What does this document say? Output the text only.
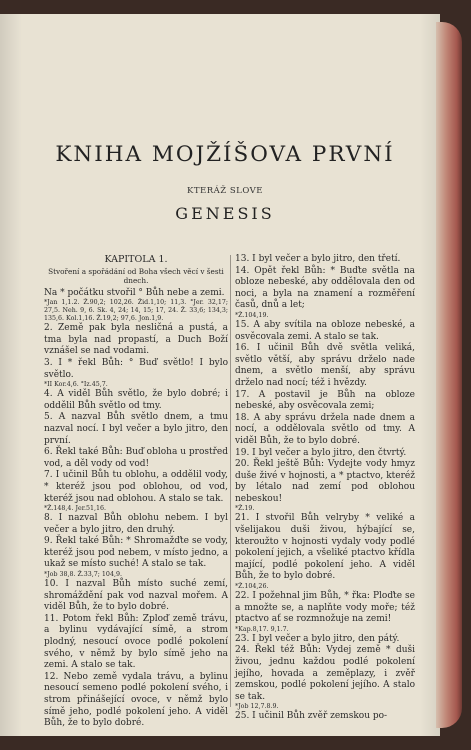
KNIHA MOJŽÍŠOVA PRVNÍ
KTERÁŽ SLOVE
GENESIS
KAPITOLA 1.
Stvoření a spořádání od Boha všech věcí v šesti dnech.

Na * počátku stvořil ° Bůh nebe a zemi.

*Jan 1,1.2. Ž.90,2; 102,26. Žid.1,10; 11,3. °Jer. 32,17; 27,5. Neh. 9, 6. Sk. 4, 24; 14, 15; 17, 24. Ž. 33,6; 134,3; 135,6. Kol.1,16. Ž.19,2; 97,6. Jon.1,9.

2. Země pak byla nesličná a pustá, a tma byla nad propastí, a Duch Boží vznášel se nad vodami.

3. I * řekl Bůh: ° Buď světlo! I bylo světlo.

*II Kor.4,6. °Iz.45,7.

4. A viděl Bůh světlo, že bylo dobré; i oddělil Bůh světlo od tmy.

5. A nazval Bůh světlo dnem, a tmu nazval nocí. I byl večer a bylo jitro, den první.

6. Řekl také Bůh: Buď obloha u prostřed vod, a děl vody od vod!

7. I učinil Bůh tu oblohu, a oddělil vody, * kteréž jsou pod oblohou, od vod, kteréž jsou nad oblohou. A stalo se tak.

*Ž.148,4. Jer.51,16.

8. I nazval Bůh oblohu nebem. I byl večer a bylo jitro, den druhý.

9. Řekl také Bůh: * Shromažďte se vody, kteréž jsou pod nebem, v místo jedno, a ukaž se místo suché! A stalo se tak.

*Job 38,8. Ž.33,7; 104,9.

10. I nazval Bůh místo suché zemí, shromáždění pak vod nazval mořem. A viděl Bůh, že to bylo dobré.

11. Potom řekl Bůh: Zploď země trávu, a bylinu vydávající símě, a strom plodný, nesoucí ovoce podlé pokolení svého, v němž by bylo símě jeho na zemi. A stalo se tak.

12. Nebo země vydala trávu, a bylinu nesoucí semeno podlé pokolení svého, i strom přinášející ovoce, v němž bylo símě jeho, podlé pokolení jeho. A viděl Bůh, že to bylo dobré.

13. I byl večer a bylo jitro, den třetí.

14. Opět řekl Bůh: * Buďte světla na obloze nebeské, aby oddělovala den od noci, a byla na znamení a rozměření časů, dnů a let;

*Ž.104,19.

15. A aby svítila na obloze nebeské, a osvěcovala zemi. A stalo se tak.

16. I učinil Bůh dvě světla veliká, světlo větší, aby správu drželo nade dnem, a světlo menší, aby správu drželo nad nocí; též i hvězdy.

17. A postavil je Bůh na obloze nebeské, aby osvěcovala zemi;

18. A aby správu držela nade dnem a nocí, a oddělovala světlo od tmy. A viděl Bůh, že to bylo dobré.

19. I byl večer a bylo jitro, den čtvrtý.

20. Řekl ještě Bůh: Vydejte vody hmyz duše živé v hojnosti, a * ptactvo, kteréž by létalo nad zemí pod oblohou nebeskou!

*Ž.19.

21. I stvořil Bůh velryby * veliké a všelijakou duši živou, hýbající se, kteroužto v hojnosti vydaly vody podlé pokolení jejich, a všeliké ptactvo křídla mající, podlé pokolení jeho. A viděl Bůh, že to bylo dobré.

*Ž.104,26.

22. I požehnal jim Bůh, * řka: Ploďte se a množte se, a naplňte vody moře; též ptactvo ať se rozmnožuje na zemi!

*Kap.8,17. 9,1.7.

23. I byl večer a bylo jitro, den pátý.

24. Řekl též Bůh: Vydej země * duši živou, jednu každou podlé pokolení jejího, hovada a zeměplazy, i zvěř zemskou, podlé pokolení jejího. A stalo se tak.

*Job 12,7.8.9.

25. I učinil Bůh zvěř zemskou po-
